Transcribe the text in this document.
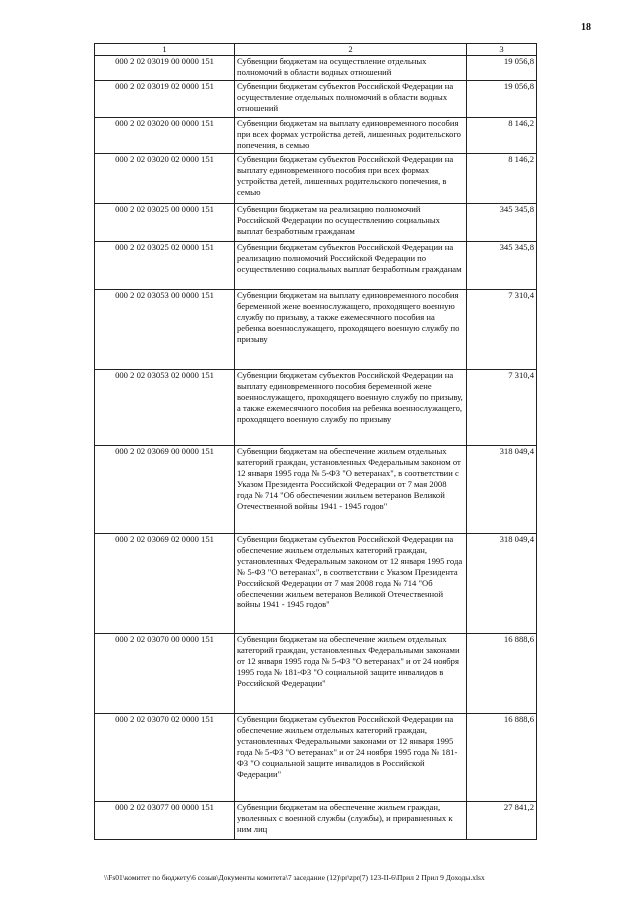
18
1	2	3
000 2 02 03019 00 0000 151	Субвенции бюджетам на осуществление отдельных полномочий в области водных отношений	19 056,8
000 2 02 03019 02 0000 151	Субвенции бюджетам субъектов Российской Федерации на осуществление отдельных полномочий в области водных отношений	19 056,8
000 2 02 03020 00 0000 151	Субвенции бюджетам на выплату единовременного пособия при всех формах устройства детей, лишенных родительского попечения, в семью	8 146,2
000 2 02 03020 02 0000 151	Субвенции бюджетам субъектов Российской Федерации на выплату единовременного пособия при всех формах устройства детей, лишенных родительского попечения, в семью	8 146,2
000 2 02 03025 00 0000 151	Субвенции бюджетам на реализацию полномочий Российской Федерации по осуществлению социальных выплат безработным гражданам	345 345,8
000 2 02 03025 02 0000 151	Субвенции бюджетам субъектов Российской Федерации на реализацию полномочий Российской Федерации по осуществлению социальных выплат безработным гражданам	345 345,8
000 2 02 03053 00 0000 151	Субвенции бюджетам на выплату единовременного пособия беременной жене военнослужащего, проходящего военную службу по призыву, а также ежемесячного пособия на ребенка военнослужащего, проходящего военную службу по призыву	7 310,4
000 2 02 03053 02 0000 151	Субвенции бюджетам субъектов Российской Федерации на выплату единовременного пособия беременной жене военнослужащего, проходящего военную службу по призыву, а также ежемесячного пособия на ребенка военнослужащего, проходящего военную службу по призыву	7 310,4
000 2 02 03069 00 0000 151	Субвенции бюджетам на обеспечение жильем отдельных категорий граждан, установленных Федеральным законом от 12 января 1995 года № 5-ФЗ "О ветеранах", в соответствии с Указом Президента Российской Федерации от 7 мая 2008 года № 714 "Об обеспечении жильем ветеранов Великой Отечественной войны 1941 - 1945 годов"	318 049,4
000 2 02 03069 02 0000 151	Субвенции бюджетам субъектов Российской Федерации на обеспечение жильем отдельных категорий граждан, установленных Федеральным законом от 12 января 1995 года № 5-ФЗ "О ветеранах", в соответствии с Указом Президента Российской Федерации от 7 мая 2008 года № 714 "Об обеспечении жильем ветеранов Великой Отечественной войны 1941 - 1945 годов"	318 049,4
000 2 02 03070 00 0000 151	Субвенции бюджетам на обеспечение жильем отдельных категорий граждан, установленных Федеральными законами от 12 января 1995 года № 5-ФЗ "О ветеранах" и от 24 ноября 1995 года № 181-ФЗ "О социальной защите инвалидов в Российской Федерации"	16 888,6
000 2 02 03070 02 0000 151	Субвенции бюджетам субъектов Российской Федерации на обеспечение жильем отдельных категорий граждан, установленных Федеральными законами от 12 января 1995 года № 5-ФЗ "О ветеранах" и от 24 ноября 1995 года № 181-ФЗ "О социальной защите инвалидов в Российской Федерации"	16 888,6
000 2 02 03077 00 0000 151	Субвенции бюджетам на обеспечение жильем граждан, уволенных с военной службы (службы), и приравненных к ним лиц	27 841,2
\\Fs01\комитет по бюджету\6 созыв\Документы комитета\7 заседание (12)\pr\zpr(7) 123-II-6\Прил 2 Прил 9 Доходы.xlsx
